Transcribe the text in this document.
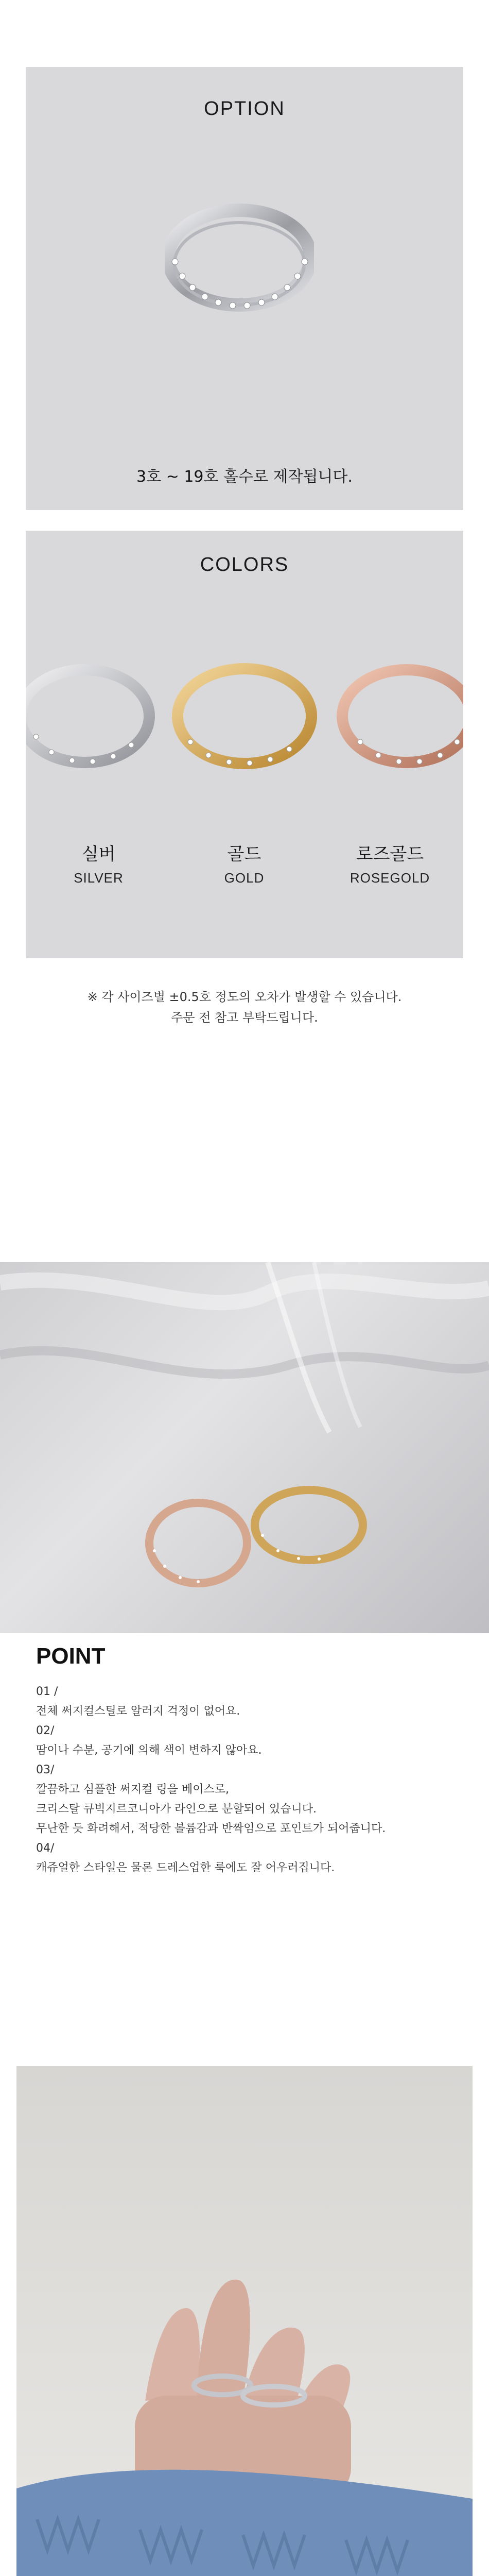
OPTION
3호 ~ 19호 홀수로 제작됩니다.
COLORS
실버
SILVER
골드
GOLD
로즈골드
ROSEGOLD
※ 각 사이즈별 ±0.5호 정도의 오차가 발생할 수 있습니다.
주문 전 참고 부탁드립니다.
POINT
01 /
전체 써지컬스틸로 알러지 걱정이 없어요.
02/
땀이나 수분, 공기에 의해 색이 변하지 않아요.
03/
깔끔하고 심플한 써지컬 링을 베이스로,
크리스탈 큐빅지르코니아가 라인으로 분할되어 있습니다.
무난한 듯 화려해서, 적당한 볼륨감과 반짝임으로 포인트가 되어줍니다.
04/
캐쥬얼한 스타일은 물론 드레스업한 룩에도 잘 어우러집니다.
